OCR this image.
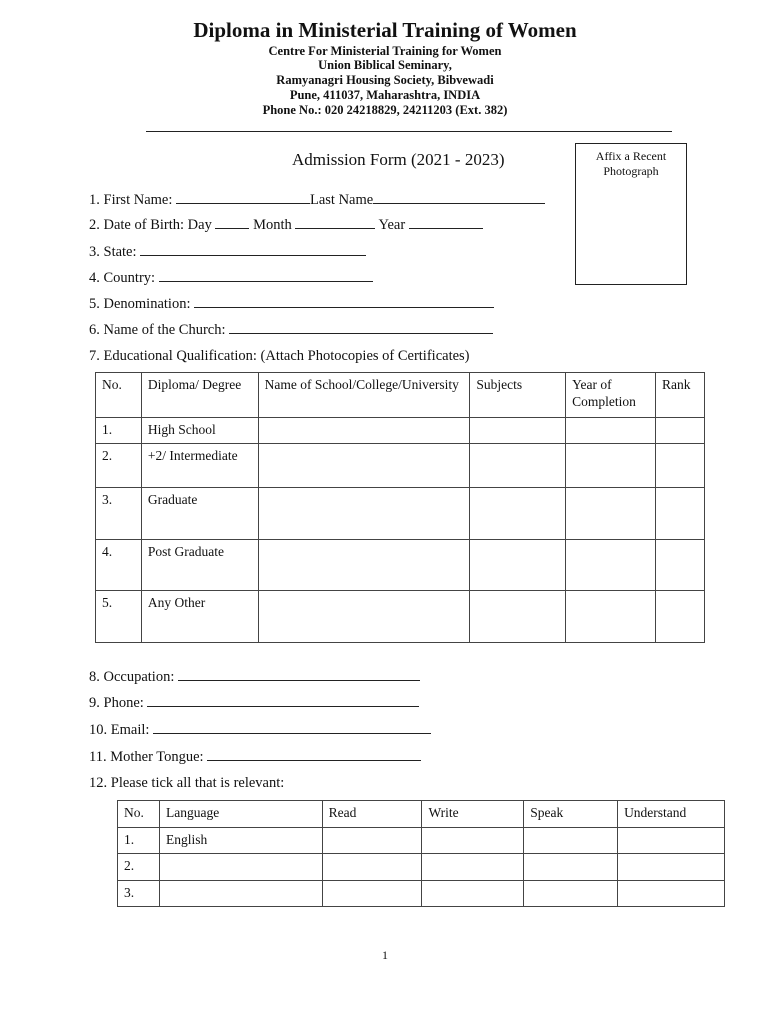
Diploma in Ministerial Training of Women
Centre For Ministerial Training for Women
Union Biblical Seminary,
Ramyanagri Housing Society, Bibvewadi
Pune, 411037, Maharashtra, INDIA
Phone No.: 020 24218829, 24211203 (Ext. 382)
Admission Form (2021 - 2023)	Affix a Recent
Photograph
1. First Name:	Last Name
2. Date of Birth: Day	Month	Year
3. State:
4. Country:
5. Denomination:
6. Name of the Church:
7. Educational Qualification: (Attach Photocopies of Certificates)
No.	Diploma/ Degree	Name of School/College/University	Subjects	Year of Completion	Rank
1.	High School				
2.	+2/ Intermediate				
3.	Graduate				
4.	Post Graduate				
5.	Any Other				
8. Occupation:
9. Phone:
10. Email:
11. Mother Tongue:
12. Please tick all that is relevant:
No.	Language	Read	Write	Speak	Understand
1.	English				
2.					
3.					
1
